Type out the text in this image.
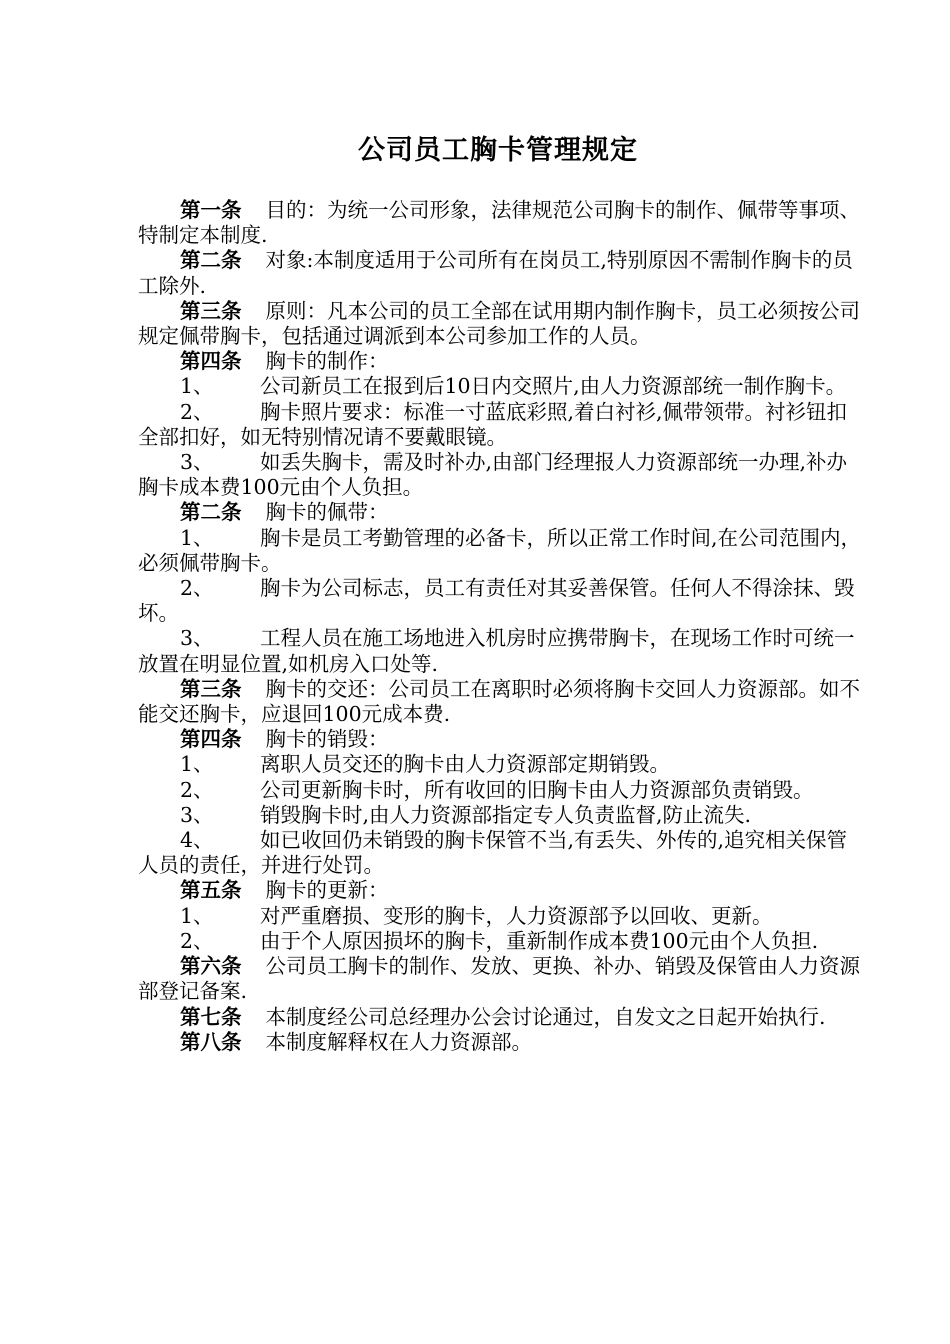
公司员工胸卡管理规定

第一条 目的：为统一公司形象，法律规范公司胸卡的制作、佩带等事项、特制定本制度.

第二条 对象:本制度适用于公司所有在岗员工,特别原因不需制作胸卡的员工除外.

第三条 原则：凡本公司的员工全部在试用期内制作胸卡，员工必须按公司规定佩带胸卡，包括通过调派到本公司参加工作的人员。

第四条 胸卡的制作：

1、 公司新员工在报到后10日内交照片,由人力资源部统一制作胸卡。

2、 胸卡照片要求：标准一寸蓝底彩照,着白衬衫,佩带领带。衬衫钮扣全部扣好，如无特别情况请不要戴眼镜。

3、 如丢失胸卡，需及时补办,由部门经理报人力资源部统一办理,补办胸卡成本费100元由个人负担。

第二条 胸卡的佩带：

1、 胸卡是员工考勤管理的必备卡，所以正常工作时间,在公司范围内，必须佩带胸卡。

2、 胸卡为公司标志，员工有责任对其妥善保管。任何人不得涂抹、毁坏。

3、 工程人员在施工场地进入机房时应携带胸卡，在现场工作时可统一放置在明显位置,如机房入口处等.

第三条 胸卡的交还：公司员工在离职时必须将胸卡交回人力资源部。如不能交还胸卡，应退回100元成本费.

第四条 胸卡的销毁：

1、 离职人员交还的胸卡由人力资源部定期销毁。

2、 公司更新胸卡时，所有收回的旧胸卡由人力资源部负责销毁。

3、 销毁胸卡时,由人力资源部指定专人负责监督,防止流失.

4、 如已收回仍未销毁的胸卡保管不当,有丢失、外传的,追究相关保管人员的责任，并进行处罚。

第五条 胸卡的更新：

1、 对严重磨损、变形的胸卡，人力资源部予以回收、更新。

2、 由于个人原因损坏的胸卡，重新制作成本费100元由个人负担.

第六条 公司员工胸卡的制作、发放、更换、补办、销毁及保管由人力资源部登记备案.

第七条 本制度经公司总经理办公会讨论通过，自发文之日起开始执行.

第八条 本制度解释权在人力资源部。
